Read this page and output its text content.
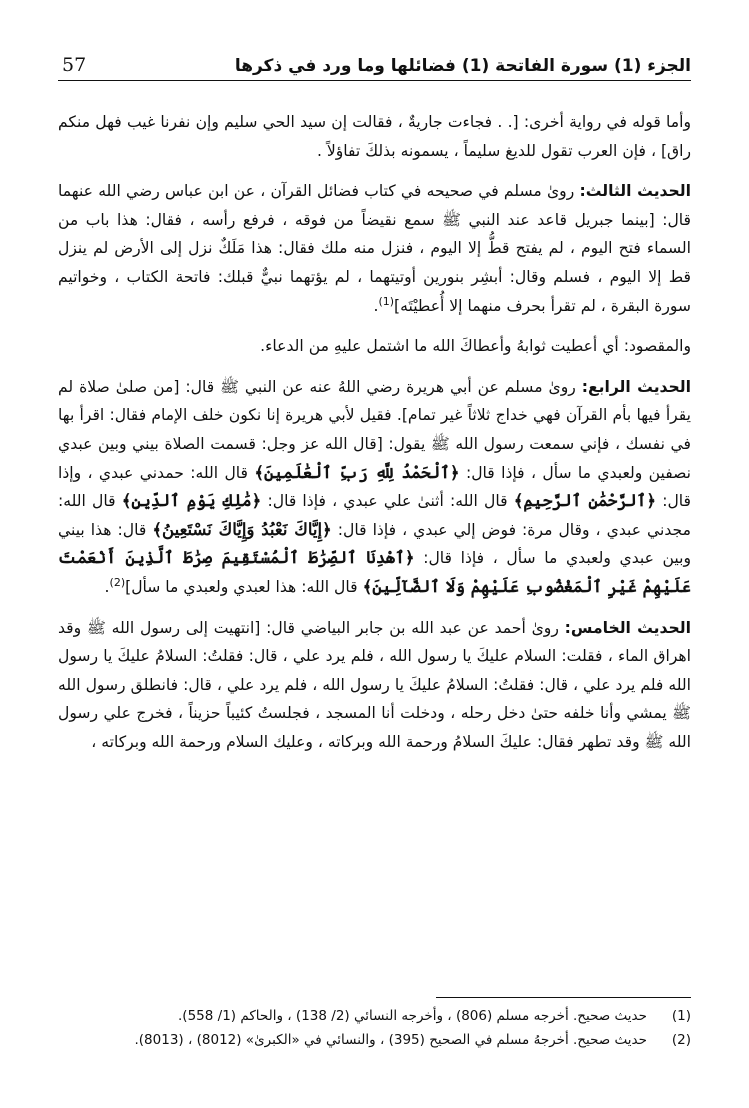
57	الجزء (1) سورة الفاتحة (1) فضائلها وما ورد في ذكرها

وأما قوله في رواية أخرى: [. . فجاءت جاريةٌ ، فقالت إن سيد الحي سليم وإن نفرنا غيب فهل منكم راق] ، فإن العرب تقول للديغ سليماً ، يسمونه بذلكَ تفاؤلاً .

الحديث الثالث: روىٰ مسلم في صحيحه في كتاب فضائل القرآن ، عن ابن عباس رضي الله عنهما قال: [بينما جبريل قاعد عند النبي ﷺ سمع نقيضاً من فوقه ، فرفع رأسه ، فقال: هذا باب من السماء فتح اليوم ، لم يفتح قطُّ إلا اليوم ، فنزل منه ملك فقال: هذا مَلَكٌ نزل إلى الأرض لم ينزل قط إلا اليوم ، فسلم وقال: أبشِر بنورين أوتيتهما ، لم يؤتهما نبيٌّ قبلك: فاتحة الكتاب ، وخواتيم سورة البقرة ، لم تقرأ بحرف منهما إلا أُعطيْتَه]$^{(1)}$.

والمقصود: أي أعطيت ثوابهُ وأعطاكَ الله ما اشتمل عليهِ من الدعاء.

الحديث الرابع: روىٰ مسلم عن أبي هريرة رضي اللهُ عنه عن النبي ﷺ قال: [من صلىٰ صلاة لم يقرأ فيها بأم القرآن فهي خداج ثلاثاً غير تمام]. فقيل لأبي هريرة إنا نكون خلف الإمام فقال: اقرأ بها في نفسك ، فإني سمعت رسول الله ﷺ يقول: [قال الله عز وجل: قسمت الصلاة بيني وبين عبدي نصفين ولعبدي ما سأل ، فإذا قال: ﴿ٱلْحَمْدُ لِلَّهِ رَبِّ ٱلْعَٰلَمِينَ﴾ قال الله: حمدني عبدي ، وإذا قال: ﴿ٱلرَّحْمَٰنِ ٱلرَّحِيمِ﴾ قال الله: أثنىٰ علي عبدي ، فإذا قال: ﴿مَٰلِكِ يَوْمِ ٱلدِّينِ﴾ قال الله: مجدني عبدي ، وقال مرة: فوض إلي عبدي ، فإذا قال: ﴿إِيَّاكَ نَعْبُدُ وَإِيَّاكَ نَسْتَعِينُ﴾ قال: هذا بيني وبين عبدي ولعبدي ما سأل ، فإذا قال: ﴿ٱهْدِنَا ٱلصِّرَٰطَ ٱلْمُسْتَقِيمَ صِرَٰطَ ٱلَّذِينَ أَنْعَمْتَ عَلَيْهِمْ غَيْرِ ٱلْمَغْضُوبِ عَلَيْهِمْ وَلَا ٱلضَّآلِّينَ﴾ قال الله: هذا لعبدي ولعبدي ما سأل]$^{(2)}$.

الحديث الخامس: روىٰ أحمد عن عبد الله بن جابر البياضي قال: [انتهيت إلى رسول الله ﷺ وقد اهراق الماء ، فقلت: السلام عليكَ يا رسول الله ، فلم يرد علي ، قال: فقلتُ: السلامُ عليكَ يا رسول الله فلم يرد علي ، قال: فقلتُ: السلامُ عليكَ يا رسول الله ، فلم يرد علي ، قال: فانطلق رسول الله ﷺ يمشي وأنا خلفه حتىٰ دخل رحله ، ودخلت أنا المسجد ، فجلستُ كئيباً حزيناً ، فخرج علي رسول الله ﷺ وقد تطهر فقال: عليكَ السلامُ ورحمة الله وبركاته ، وعليك السلام ورحمة الله وبركاته ،

(1)
حديث صحيح. أخرجه مسلم (806) ، وأخرجه النسائي (2/ 138) ، والحاكم (1/ 558).
(2)
حديث صحيح. أخرجهُ مسلم في الصحيح (395) ، والنسائي في «الكبرىٰ» (8012) ، (8013).
